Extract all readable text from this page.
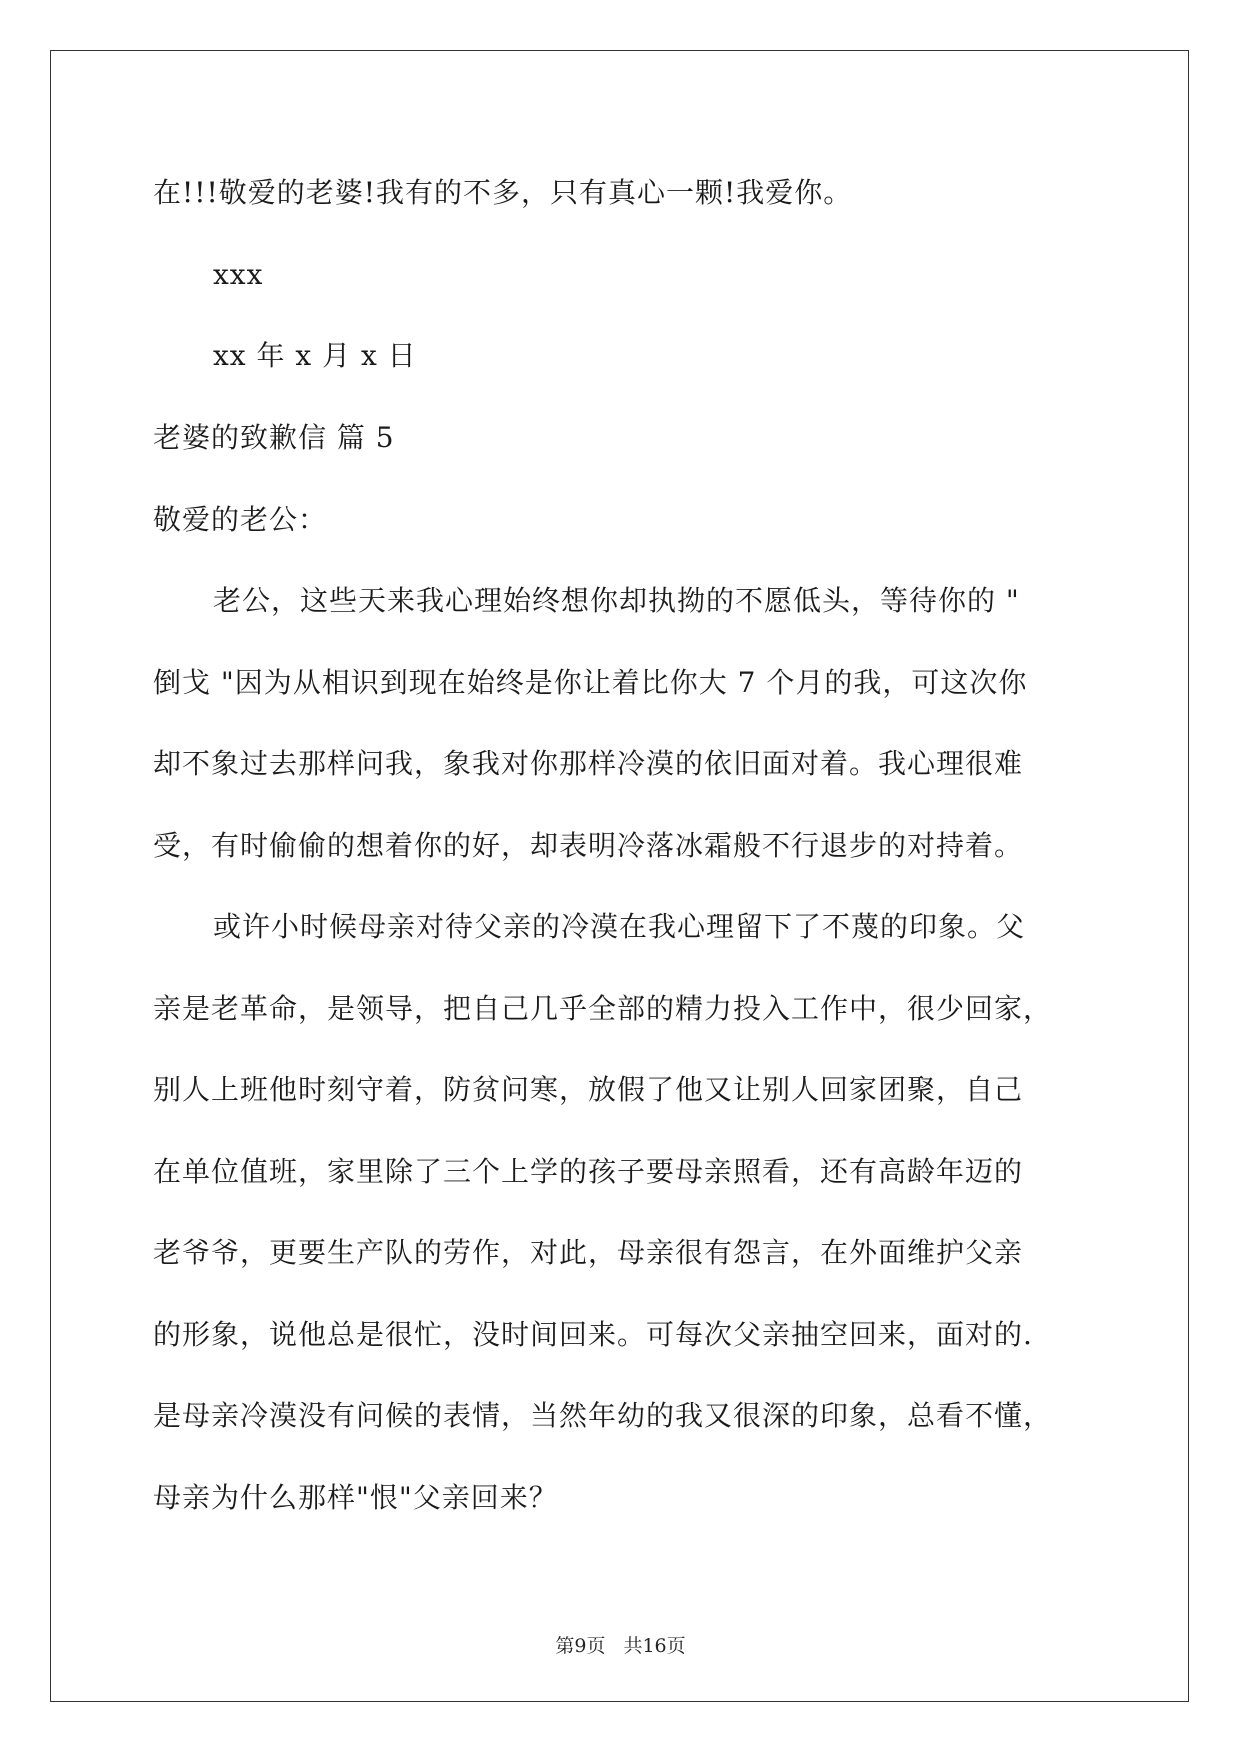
在!!!敬爱的老婆!我有的不多，只有真心一颗!我爱你。
xxx
xx 年 x 月 x 日
老婆的致歉信 篇 5
敬爱的老公：
老公，这些天来我心理始终想你却执拗的不愿低头，等待你的 "
倒戈 "因为从相识到现在始终是你让着比你大 7 个月的我，可这次你
却不象过去那样问我，象我对你那样冷漠的依旧面对着。我心理很难
受，有时偷偷的想着你的好，却表明冷落冰霜般不行退步的对持着。
或许小时候母亲对待父亲的冷漠在我心理留下了不蔑的印象。父
亲是老革命，是领导，把自己几乎全部的精力投入工作中，很少回家，
别人上班他时刻守着，防贫问寒，放假了他又让别人回家团聚，自己
在单位值班，家里除了三个上学的孩子要母亲照看，还有高龄年迈的
老爷爷，更要生产队的劳作，对此，母亲很有怨言，在外面维护父亲
的形象，说他总是很忙，没时间回来。可每次父亲抽空回来，面对的.
是母亲冷漠没有问候的表情，当然年幼的我又很深的印象，总看不懂，
母亲为什么那样"恨"父亲回来？
第9页 共16页
